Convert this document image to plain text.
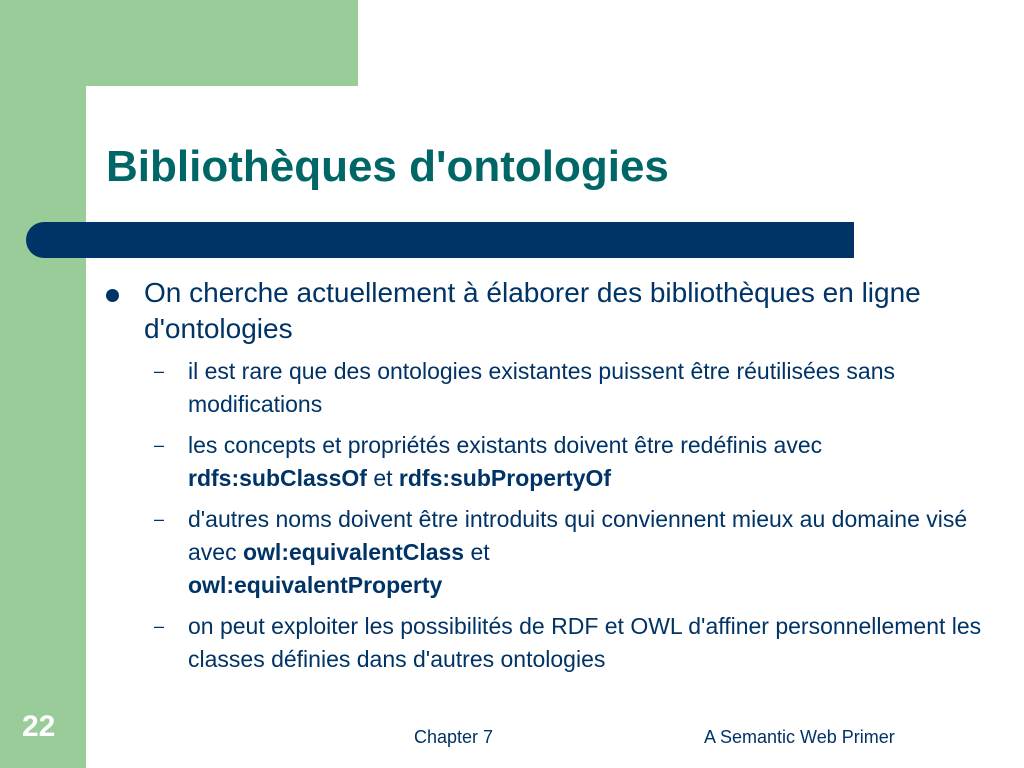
Bibliothèques d'ontologies
On cherche actuellement à élaborer des bibliothèques en ligne d'ontologies
– il est rare que des ontologies existantes puissent être réutilisées sans modifications
– les concepts et propriétés existants doivent être redéfinis avec rdfs:subClassOf et rdfs:subPropertyOf
– d'autres noms doivent être introduits qui conviennent mieux au domaine visé avec owl:equivalentClass et
owl:equivalentProperty
– on peut exploiter les possibilités de RDF et OWL d'affiner personnellement les classes définies dans d'autres ontologies
22	Chapter 7	A Semantic Web Primer
